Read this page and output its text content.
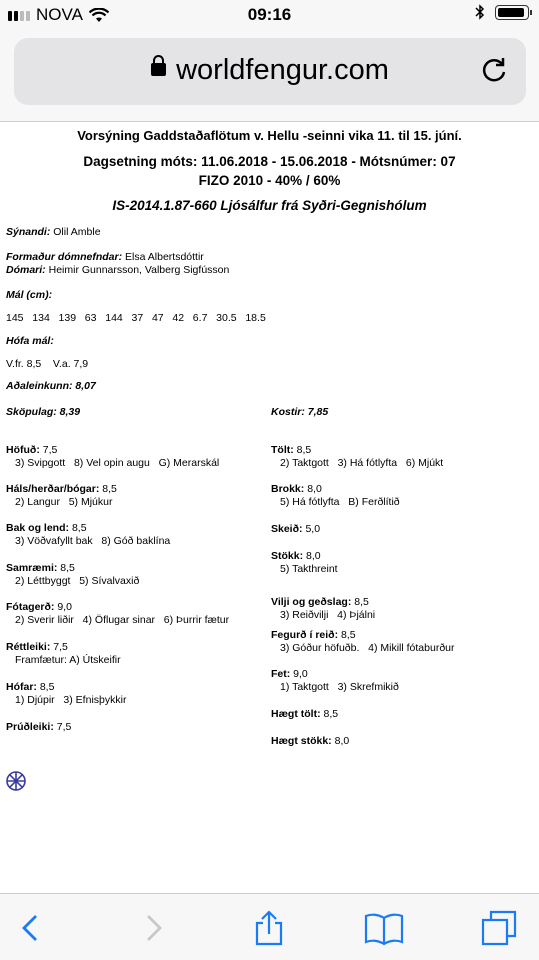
NOVA	09:16
worldfengur.com
Vorsýning Gaddstaðaflötum v. Hellu -seinni vika 11. til 15. júní.
Dagsetning móts: 11.06.2018 - 15.06.2018 - Mótsnúmer: 07
FIZO 2010 - 40% / 60%
IS-2014.1.87-660 Ljósálfur frá Syðri-Gegnishólum
Sýnandi: Olil Amble
Formaður dómnefndar: Elsa Albertsdóttir
Dómari: Heimir Gunnarsson, Valberg Sigfússon
Mál (cm):
145   134   139   63   144   37   47   42   6.7   30.5   18.5
Hófa mál:
V.fr. 8,5    V.a. 7,9
Aðaleinkunn: 8,07
Sköpulag: 8,39	Kostir: 7,85
Höfuð: 7,5
3) Svipgott   8) Vel opin augu   G) Merarskál
Háls/herðar/bógar: 8,5
2) Langur   5) Mjúkur
Bak og lend: 8,5
3) Vöðvafyllt bak   8) Góð baklína
Samræmi: 8,5
2) Léttbyggt   5) Sívalvaxið
Fótagerð: 9,0
2) Sverir liðir   4) Öflugar sinar   6) Þurrir fætur
Réttleiki: 7,5
Framfætur: A) Útskeifir
Hófar: 8,5
1) Djúpir   3) Efnisþykkir
Prúðleiki: 7,5
Tölt: 8,5
2) Taktgott   3) Há fótlyfta   6) Mjúkt
Brokk: 8,0
5) Há fótlyfta   B) Ferðlítið
Skeið: 5,0
Stökk: 8,0
5) Takthreint
Vilji og geðslag: 8,5
3) Reiðvilji   4) Þjálni
Fegurð í reið: 8,5
3) Góður höfuðb.   4) Mikill fótaburður
Fet: 9,0
1) Taktgott   3) Skrefmikið
Hægt tölt: 8,5
Hægt stökk: 8,0
